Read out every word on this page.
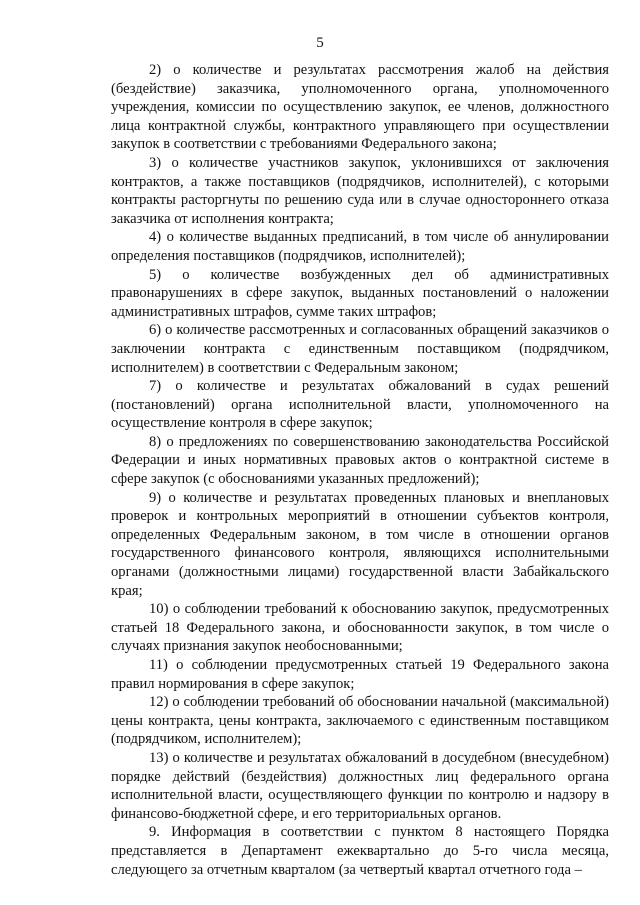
5

2) о количестве и результатах рассмотрения жалоб на действия (бездействие) заказчика, уполномоченного органа, уполномоченного учреждения, комиссии по осуществлению закупок, ее членов, должностного лица контрактной службы, контрактного управляющего при осуществлении закупок в соответствии с требованиями Федерального закона;

3) о количестве участников закупок, уклонившихся от заключения контрактов, а также поставщиков (подрядчиков, исполнителей), с которыми контракты расторгнуты по решению суда или в случае одностороннего отказа заказчика от исполнения контракта;

4) о количестве выданных предписаний, в том числе об аннулировании определения поставщиков (подрядчиков, исполнителей);

5) о количестве возбужденных дел об административных правонарушениях в сфере закупок, выданных постановлений о наложении административных штрафов, сумме таких штрафов;

6) о количестве рассмотренных и согласованных обращений заказчиков о заключении контракта с единственным поставщиком (подрядчиком, исполнителем) в соответствии с Федеральным законом;

7) о количестве и результатах обжалований в судах решений (постановлений) органа исполнительной власти, уполномоченного на осуществление контроля в сфере закупок;

8) о предложениях по совершенствованию законодательства Российской Федерации и иных нормативных правовых актов о контрактной системе в сфере закупок (с обоснованиями указанных предложений);

9) о количестве и результатах проведенных плановых и внеплановых проверок и контрольных мероприятий в отношении субъектов контроля, определенных Федеральным законом, в том числе в отношении органов государственного финансового контроля, являющихся исполнительными органами (должностными лицами) государственной власти Забайкальского края;

10) о соблюдении требований к обоснованию закупок, предусмотренных статьей 18 Федерального закона, и обоснованности закупок, в том числе о случаях признания закупок необоснованными;

11) о соблюдении предусмотренных статьей 19 Федерального закона правил нормирования в сфере закупок;

12) о соблюдении требований об обосновании начальной (максимальной) цены контракта, цены контракта, заключаемого с единственным поставщиком (подрядчиком, исполнителем);

13) о количестве и результатах обжалований в досудебном (внесудебном) порядке действий (бездействия) должностных лиц федерального органа исполнительной власти, осуществляющего функции по контролю и надзору в финансово-бюджетной сфере, и его территориальных органов.

9. Информация в соответствии с пунктом 8 настоящего Порядка представляется в Департамент ежеквартально до 5-го числа месяца, следующего за отчетным кварталом (за четвертый квартал отчетного года –
